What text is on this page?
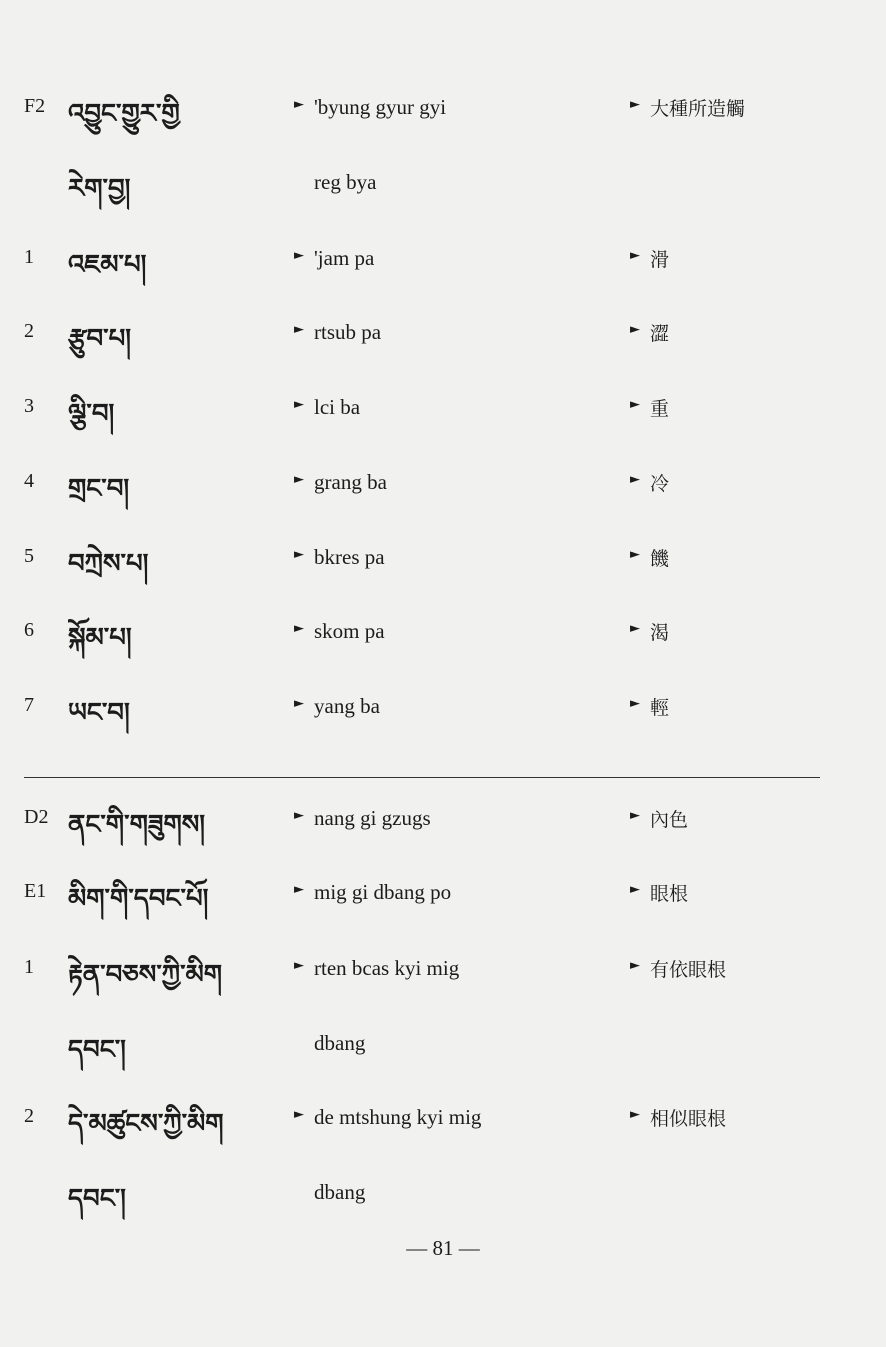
F2 འབྱུང་གྱུར་གྱི	► 'byung gyur gyi	► 大種所造觸
རེག་བྱ།	reg bya
1	འཇམ་པ།	► 'jam pa	► 滑
2	རྩུབ་པ།	► rtsub pa	► 澀
3	ལྕི་བ།	► lci ba	► 重
4	གྲང་བ།	► grang ba	► 冷
5	བཀྲེས་པ།	► bkres pa	► 饑
6	སྐོམ་པ།	► skom pa	► 渴
7	ཡང་བ།	► yang ba	► 輕
D2 ནང་གི་གཟུགས།	► nang gi gzugs	► 內色
E1 མིག་གི་དབང་པོ།	► mig gi dbang po	► 眼根
1	རྟེན་བཅས་ཀྱི་མིག	► rten bcas kyi mig	► 有依眼根
དབང་།	dbang
2	དེ་མཚུངས་ཀྱི་མིག	► de mtshung kyi mig	► 相似眼根
དབང་།	dbang
— 81 —
